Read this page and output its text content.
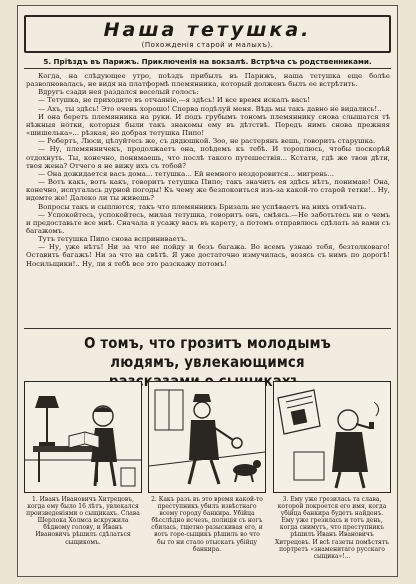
Наша тетушка.
(Похожденія старой и малыхъ).
5. Пріѣздъ въ Парижъ. Приключенія на вокзалѣ. Встрѣча съ родственниками.

Когда, на слѣдующее утро, поѣздъ прибылъ въ Парижъ, наша тетушка еще болѣе разволновалась, не видя на платформѣ племянника, который долженъ былъ ее встрѣтить.

Вдругъ сзади нея раздался веселый голосъ:

— Тетушка, не приходите въ отчаяніе,—я здѣсь! И все время искалъ васъ!

— Ахъ, ты здѣсь! Это очень хорошо! Сперва подѣлуй меня. Вѣдь мы такъ давно не видались!..

И она беретъ племянника на руки. И подъ грубымъ тономъ племяннику снова слышатся тѣ нѣжныя нотки, которыя были такъ знакомы ему въ дѣтствѣ. Передъ нимъ снова прежняя «шишелька»... рѣзкая, но добрая тетушка Пипо!

— Робертъ, Люси, цѣлуйтесь же, съ дядюшкой. Зоо, не растерянъ вешь, говорить старушка.

— Ну, племянничекъ, продолжаетъ она, поѣдемъ къ тебѣ. И тороплюсь, чтобы поскорѣй отдохнуть. Ты, конечно, понимаешь, что послѣ такого путешествія... Кстати, гдѣ же твои дѣти, твоя жена? Отчего я не вижу ихъ съ тобой?

— Она дожидается васъ дома... тетушка... Ей немного нездоровится... мигрень...

— Вотъ какъ, вотъ какъ, говоритъ тетушка Пипо; такъ значитъ ея здѣсь нѣтъ, понимаю! Она, конечно, испугалась дурной погоды! Къ чему же безпокоиться изъ-за какой-то старой тетки!.. Ну, идемте же! Далеко ли ты живешь?

Вопросы такъ и сыплются, такъ что племянникъ Бризаль не успѣваетъ на нихъ отвѣчать.

— Успокойтесь, успокойтесь, милая тетушка, говоритъ онъ, смѣясь.—Не заботьтесь ни о чемъ и предоставьте все мнѣ. Сначала я усажу васъ въ карету, а потомъ отправлюсь сдѣлать за вами съ багажомъ.

Тутъ тетушка Пипо снова всприниваетъ.

— Ну, уже нѣтъ! Ни за что не пойду и безъ багажа. Во всемъ узнаю тебя, безтолковаго! Оставить багажъ! Ни за что на свѣтѣ. Я уже достаточно измучилась, возясь съ нимъ по дорогѣ! Носильщики!.. Ну, ли я тебѣ все это разскажу потомъ!

О томъ, что грозитъ молодымъ людямъ, увлекающимся
1. Иванъ Ивановичъ Хитрецовъ, когда ему было 16 лѣтъ, увлекался произведеніями о сыщикахъ. Слава Шерлока Холмса вскружила бѣдному голову, и Иванъ Ивановичъ рѣшилъ сдѣлаться сыщикомъ.
2. Какъ разъ въ это время какой-то преступникъ убилъ извѣстнаго всему городу банкира. Убійца бѣсслѣдно исчезъ, полиція съ ногъ сбилась, тщетно разыскивая его, и вотъ горе-сыщикъ рѣшилъ во что бы то ни стало отыскать убійцу банкира.
3. Ему уже грезилась та слава, которой покроется его имя, когда убійца банкира будетъ найденъ. Ему уже грезилась и тотъ день, когда снимутъ, что преступникъ рѣшилъ Иванъ Ивановичъ Хитрецовъ. И всѣ газеты помѣстятъ портретъ «знаменитаго русскаго сыщика»!...
